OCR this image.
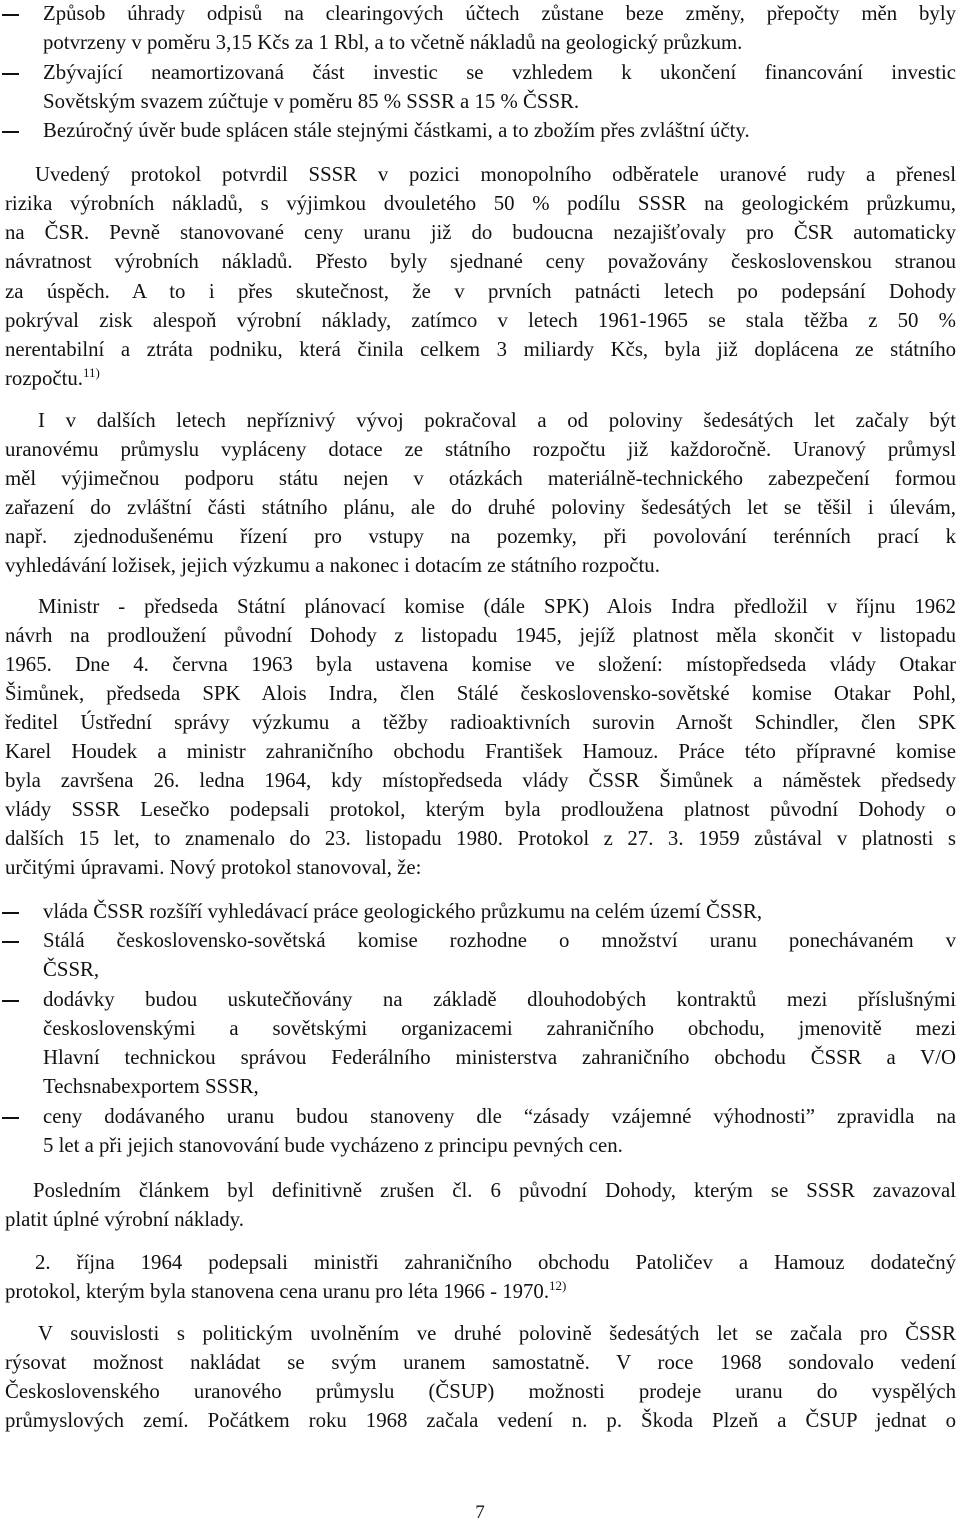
Způsob úhrady odpisů na clearingových účtech zůstane beze změny, přepočty měn byly
potvrzeny v poměru 3,15 Kčs za 1 Rbl, a to včetně nákladů na geologický průzkum.
Zbývající neamortizovaná část investic se vzhledem k ukončení financování investic
Sovětským svazem zúčtuje v poměru 85 % SSSR a 15 % ČSSR.
Bezúročný úvěr bude splácen stále stejnými částkami, a to zbožím přes zvláštní účty.
Uvedený protokol potvrdil SSSR v pozici monopolního odběratele uranové rudy a přenesl
rizika výrobních nákladů, s výjimkou dvouletého 50 % podílu SSSR na geologickém průzkumu,
na ČSR. Pevně stanovované ceny uranu již do budoucna nezajišťovaly pro ČSR automaticky
návratnost výrobních nákladů. Přesto byly sjednané ceny považovány československou stranou
za úspěch. A to i přes skutečnost, že v prvních patnácti letech po podepsání Dohody
pokrýval zisk alespoň výrobní náklady, zatímco v letech 1961-1965 se stala těžba z 50 %
nerentabilní a ztráta podniku, která činila celkem 3 miliardy Kčs, byla již doplácena ze státního
rozpočtu.$^{11)}$
I v dalších letech nepříznivý vývoj pokračoval a od poloviny šedesátých let začaly být
uranovému průmyslu vypláceny dotace ze státního rozpočtu již každoročně. Uranový průmysl
měl výjimečnou podporu státu nejen v otázkách materiálně-technického zabezpečení formou
zařazení do zvláštní části státního plánu, ale do druhé poloviny šedesátých let se těšil i úlevám,
např. zjednodušenému řízení pro vstupy na pozemky, při povolování terénních prací k
vyhledávání ložisek, jejich výzkumu a nakonec i dotacím ze státního rozpočtu.
Ministr - předseda Státní plánovací komise (dále SPK) Alois Indra předložil v říjnu 1962
návrh na prodloužení původní Dohody z listopadu 1945, jejíž platnost měla skončit v listopadu
1965. Dne 4. června 1963 byla ustavena komise ve složení: místopředseda vlády Otakar
Šimůnek, předseda SPK Alois Indra, člen Stálé československo-sovětské komise Otakar Pohl,
ředitel Ústřední správy výzkumu a těžby radioaktivních surovin Arnošt Schindler, člen SPK
Karel Houdek a ministr zahraničního obchodu František Hamouz. Práce této přípravné komise
byla završena 26. ledna 1964, kdy místopředseda vlády ČSSR Šimůnek a náměstek předsedy
vlády SSSR Lesečko podepsali protokol, kterým byla prodloužena platnost původní Dohody o
dalších 15 let, to znamenalo do 23. listopadu 1980. Protokol z 27. 3. 1959 zůstával v platnosti s
určitými úpravami. Nový protokol stanovoval, že:
vláda ČSSR rozšíří vyhledávací práce geologického průzkumu na celém území ČSSR,
Stálá československo-sovětská komise rozhodne o množství uranu ponechávaném v
ČSSR,
dodávky budou uskutečňovány na základě dlouhodobých kontraktů mezi příslušnými
československými a sovětskými organizacemi zahraničního obchodu, jmenovitě mezi
Hlavní technickou správou Federálního ministerstva zahraničního obchodu ČSSR a V/O
Techsnabexportem SSSR,
ceny dodávaného uranu budou stanoveny dle “zásady vzájemné výhodnosti” zpravidla na
5 let a při jejich stanovování bude vycházeno z principu pevných cen.
Posledním článkem byl definitivně zrušen čl. 6 původní Dohody, kterým se SSSR zavazoval
platit úplné výrobní náklady.
2. října 1964 podepsali ministři zahraničního obchodu Patoličev a Hamouz dodatečný
protokol, kterým byla stanovena cena uranu pro léta 1966 - 1970.$^{12)}$
V souvislosti s politickým uvolněním ve druhé polovině šedesátých let se začala pro ČSSR
rýsovat možnost nakládat se svým uranem samostatně. V roce 1968 sondovalo vedení
Československého uranového průmyslu (ČSUP) možnosti prodeje uranu do vyspělých
průmyslových zemí. Počátkem roku 1968 začala vedení n. p. Škoda Plzeň a ČSUP jednat o
7
